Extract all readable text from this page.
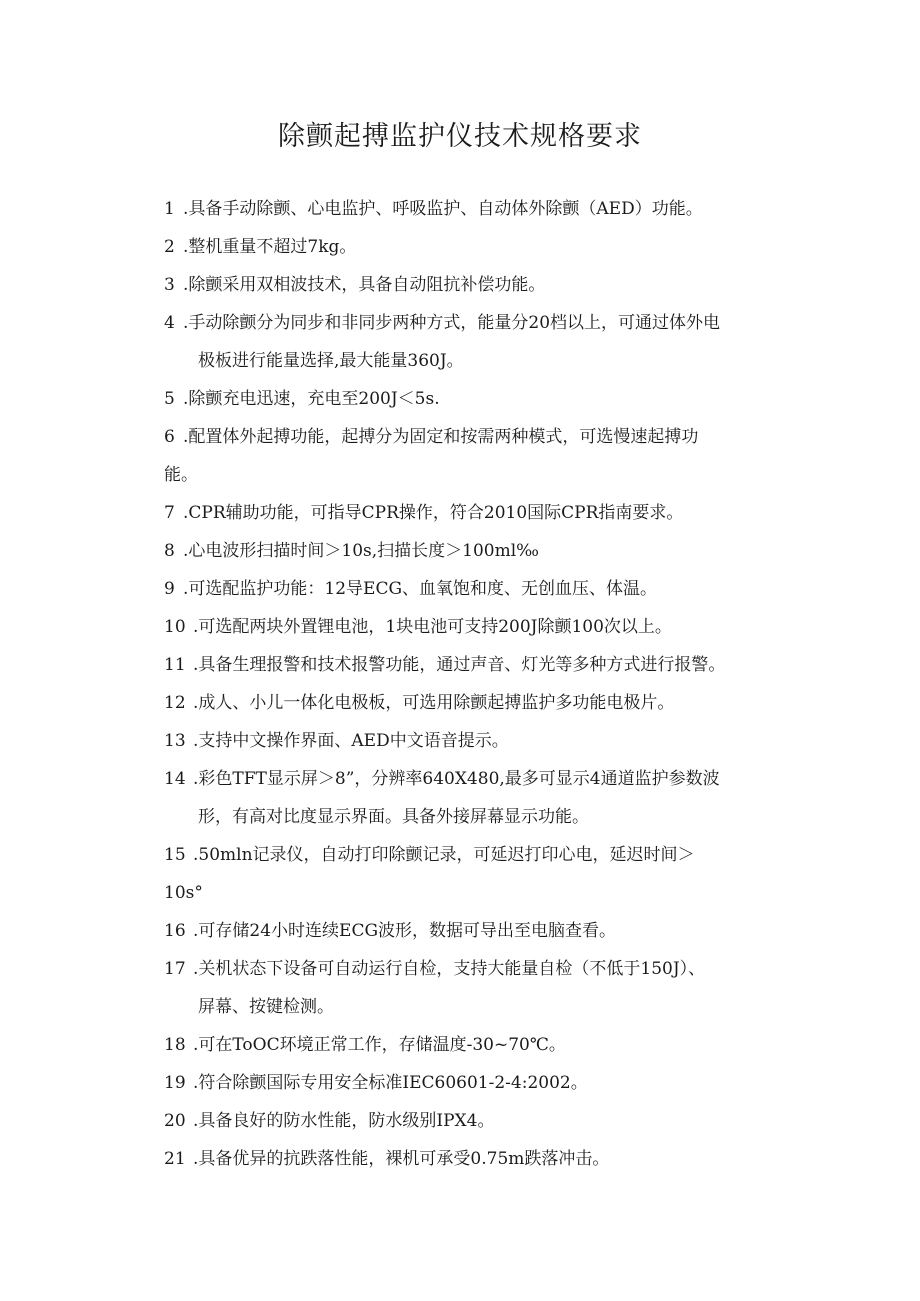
除颤起搏监护仪技术规格要求
1 .具备手动除颤、心电监护、呼吸监护、自动体外除颤（AED）功能。
2 .整机重量不超过7kg。
3 .除颤采用双相波技术，具备自动阻抗补偿功能。
4 .手动除颤分为同步和非同步两种方式，能量分20档以上，可通过体外电
极板进行能量选择,最大能量360J。
5 .除颤充电迅速，充电至200J＜5s.
6 .配置体外起搏功能，起搏分为固定和按需两种模式，可选慢速起搏功
能。
7 .CPR辅助功能，可指导CPR操作，符合2010国际CPR指南要求。
8 .心电波形扫描时间＞10s,扫描长度＞100ml‰
9 .可选配监护功能：12导ECG、血氧饱和度、无创血压、体温。
10 .可选配两块外置锂电池，1块电池可支持200J除颤100次以上。
11 .具备生理报警和技术报警功能，通过声音、灯光等多种方式进行报警。
12 .成人、小儿一体化电极板，可选用除颤起搏监护多功能电极片。
13 .支持中文操作界面、AED中文语音提示。
14 .彩色TFT显示屏＞8”，分辨率640X480,最多可显示4通道监护参数波
形，有高对比度显示界面。具备外接屏幕显示功能。
15 .50mln记录仪，自动打印除颤记录，可延迟打印心电，延迟时间＞
10s°
16 .可存储24小时连续ECG波形，数据可导出至电脑查看。
17 .关机状态下设备可自动运行自检，支持大能量自检（不低于150J）、
屏幕、按键检测。
18 .可在ToOC环境正常工作，存储温度-30~70℃。
19 .符合除颤国际专用安全标准IEC60601-2-4:2002。
20 .具备良好的防水性能，防水级别IPX4。
21 .具备优异的抗跌落性能，裸机可承受0.75m跌落冲击。
